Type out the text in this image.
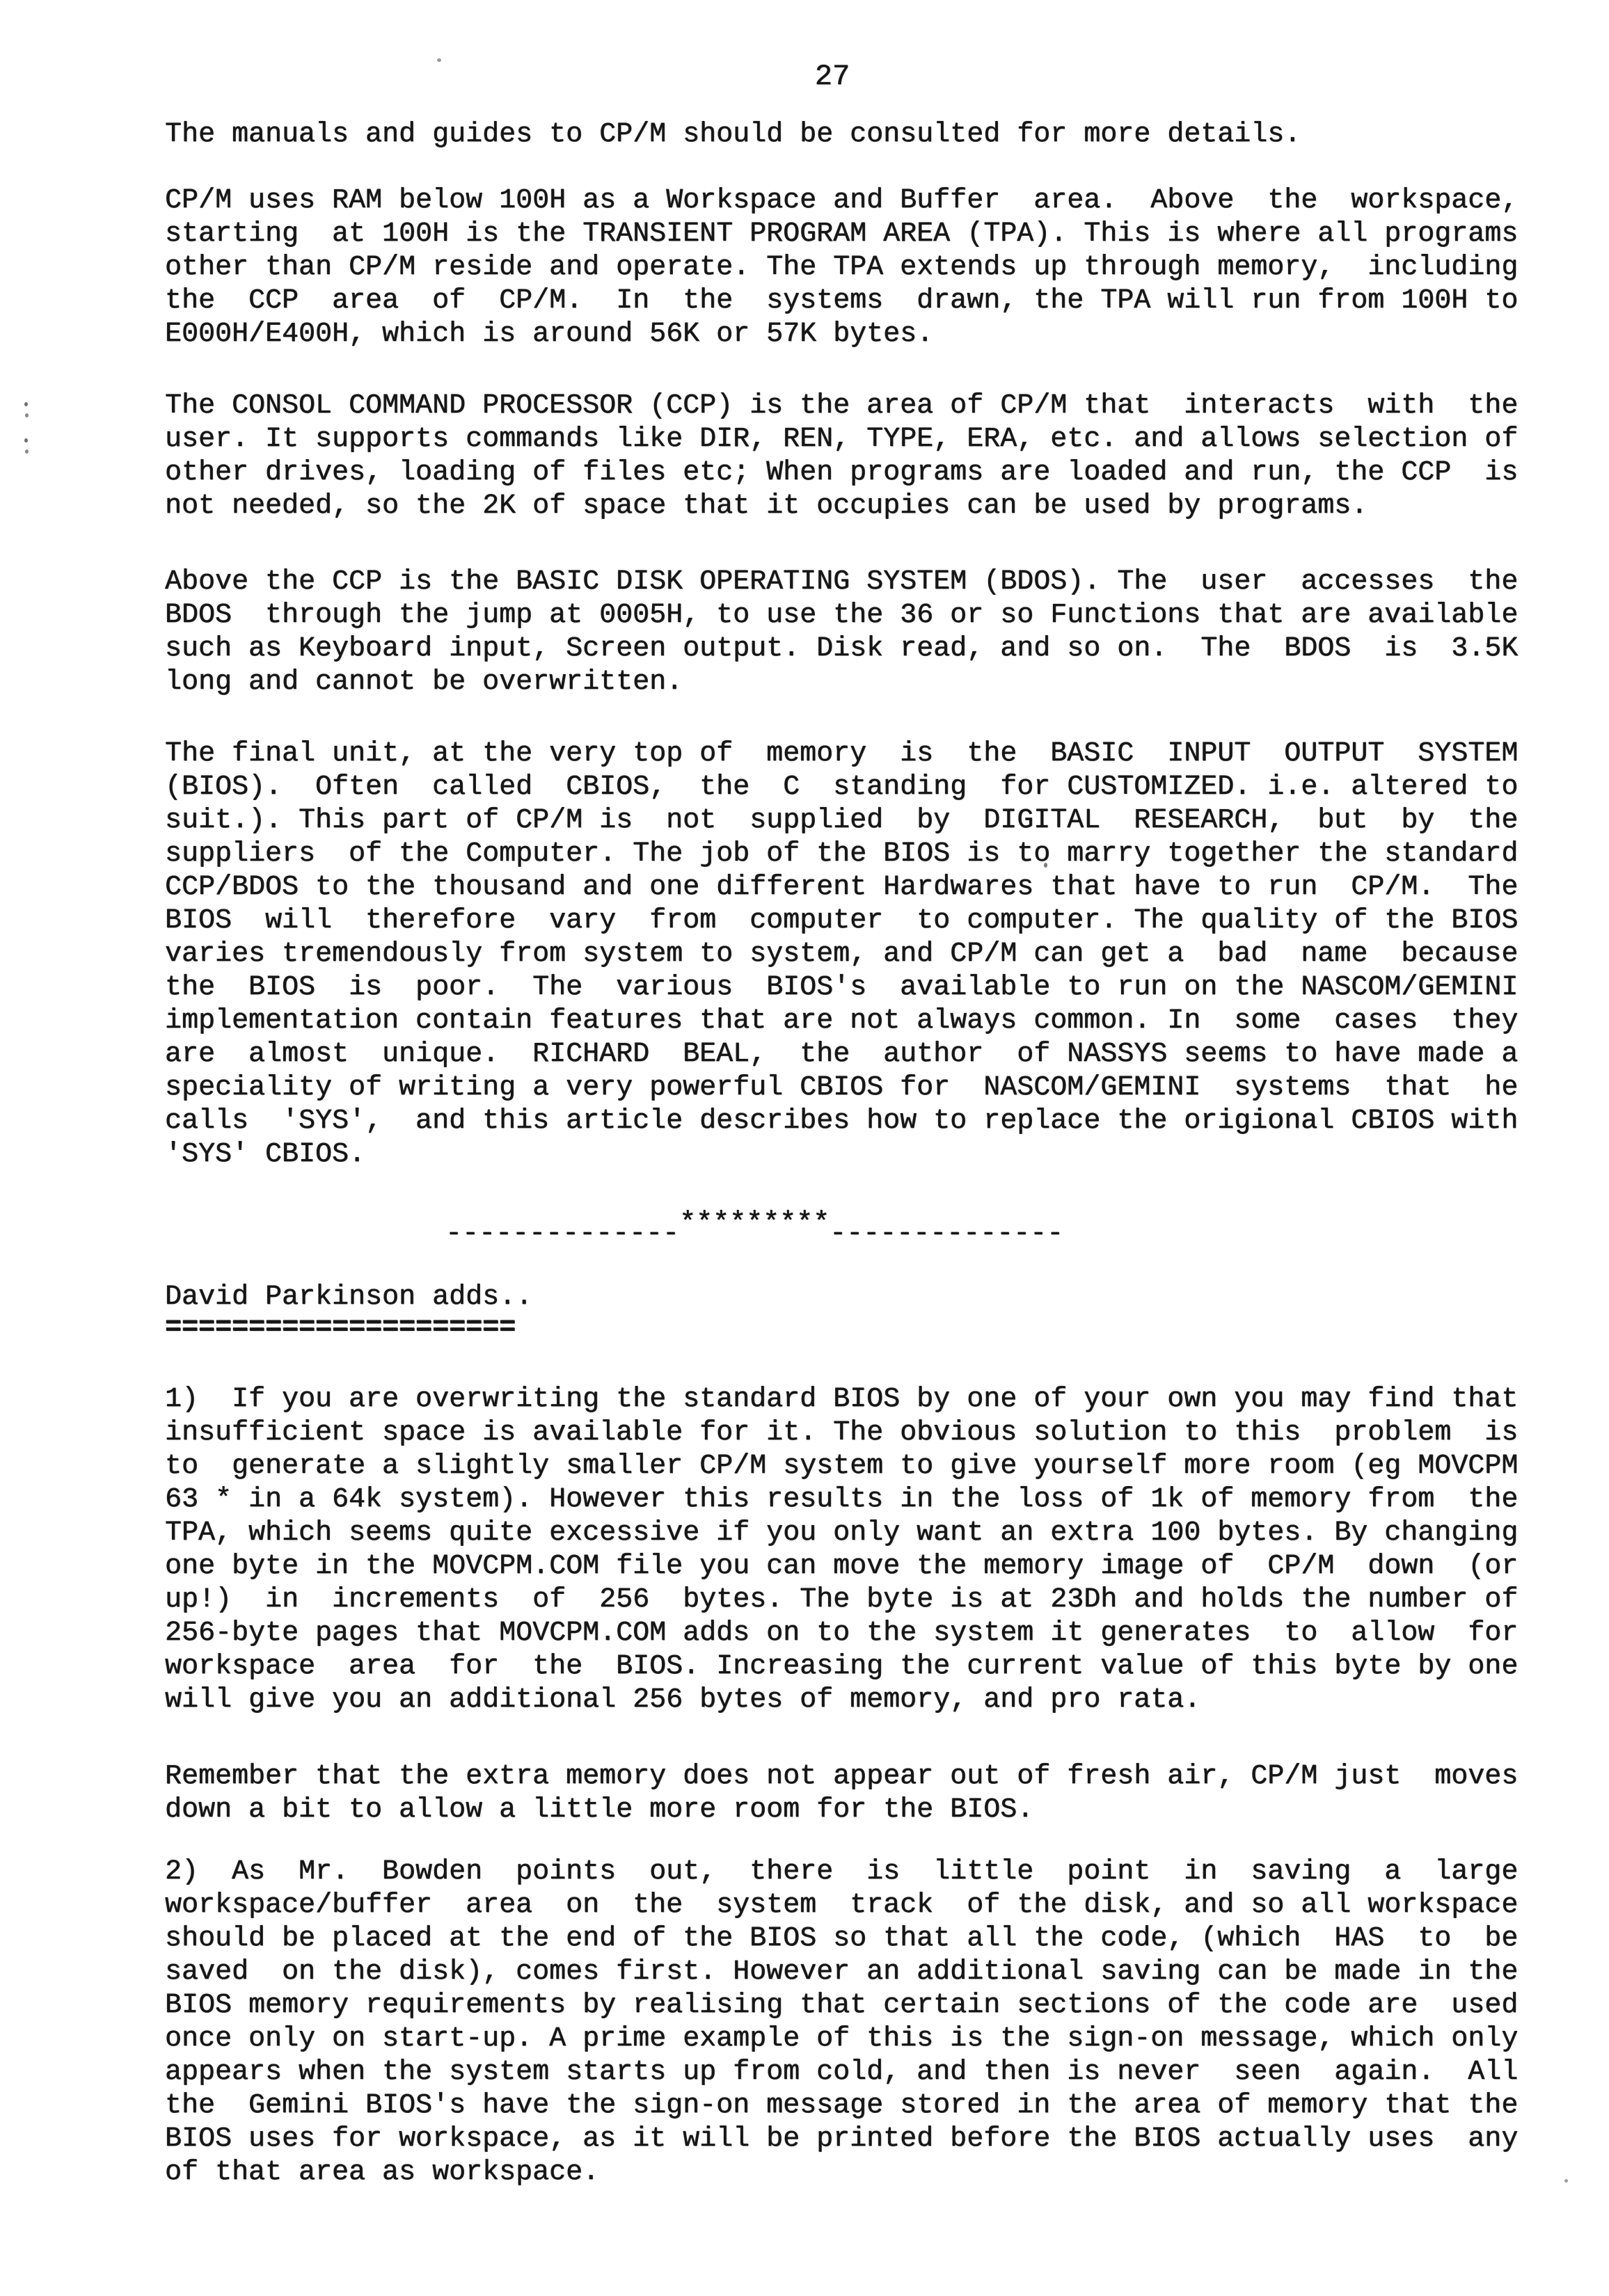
27
The manuals and guides to CP/M should be consulted for more details.
CP/M uses RAM below 100H as a Workspace and Buffer  area.  Above  the  workspace,
starting  at 100H is the TRANSIENT PROGRAM AREA (TPA). This is where all programs
other than CP/M reside and operate. The TPA extends up through memory,  including
the  CCP  area  of  CP/M.  In  the  systems  drawn, the TPA will run from 100H to
E000H/E400H, which is around 56K or 57K bytes.
The CONSOL COMMAND PROCESSOR (CCP) is the area of CP/M that  interacts  with  the
user. It supports commands like DIR, REN, TYPE, ERA, etc. and allows selection of
other drives, loading of files etc; When programs are loaded and run, the CCP  is
not needed, so the 2K of space that it occupies can be used by programs.
Above the CCP is the BASIC DISK OPERATING SYSTEM (BDOS). The  user  accesses  the
BDOS  through the jump at 0005H, to use the 36 or so Functions that are available
such as Keyboard input, Screen output. Disk read, and so on.  The  BDOS  is  3.5K
long and cannot be overwritten.
The final unit, at the very top of  memory  is  the  BASIC  INPUT  OUTPUT  SYSTEM
(BIOS).  Often  called  CBIOS,  the  C  standing  for CUSTOMIZED. i.e. altered to
suit.). This part of CP/M is  not  supplied  by  DIGITAL  RESEARCH,  but  by  the
suppliers  of the Computer. The job of the BIOS is to marry together the standard
CCP/BDOS to the thousand and one different Hardwares that have to run  CP/M.  The
BIOS  will  therefore  vary  from  computer  to computer. The quality of the BIOS
varies tremendously from system to system, and CP/M can get a  bad  name  because
the  BIOS  is  poor.  The  various  BIOS's  available to run on the NASCOM/GEMINI
implementation contain features that are not always common. In  some  cases  they
are  almost  unique.  RICHARD  BEAL,  the  author  of NASSYS seems to have made a
speciality of writing a very powerful CBIOS for  NASCOM/GEMINI  systems  that  he
calls  'SYS',  and this article describes how to replace the origional CBIOS with
'SYS' CBIOS.
--------------*********--------------
David Parkinson adds..
=====================
1)  If you are overwriting the standard BIOS by one of your own you may find that
insufficient space is available for it. The obvious solution to this  problem  is
to  generate a slightly smaller CP/M system to give yourself more room (eg MOVCPM
63 * in a 64k system). However this results in the loss of 1k of memory from  the
TPA, which seems quite excessive if you only want an extra 100 bytes. By changing
one byte in the MOVCPM.COM file you can move the memory image of  CP/M  down  (or
up!)  in  increments  of  256  bytes. The byte is at 23Dh and holds the number of
256-byte pages that MOVCPM.COM adds on to the system it generates  to  allow  for
workspace  area  for  the  BIOS. Increasing the current value of this byte by one
will give you an additional 256 bytes of memory, and pro rata.
Remember that the extra memory does not appear out of fresh air, CP/M just  moves
down a bit to allow a little more room for the BIOS.
2)  As  Mr.  Bowden  points  out,  there  is  little  point  in  saving  a  large
workspace/buffer  area  on  the  system  track  of the disk, and so all workspace
should be placed at the end of the BIOS so that all the code, (which  HAS  to  be
saved  on the disk), comes first. However an additional saving can be made in the
BIOS memory requirements by realising that certain sections of the code are  used
once only on start-up. A prime example of this is the sign-on message, which only
appears when the system starts up from cold, and then is never  seen  again.  All
the  Gemini BIOS's have the sign-on message stored in the area of memory that the
BIOS uses for workspace, as it will be printed before the BIOS actually uses  any
of that area as workspace.
